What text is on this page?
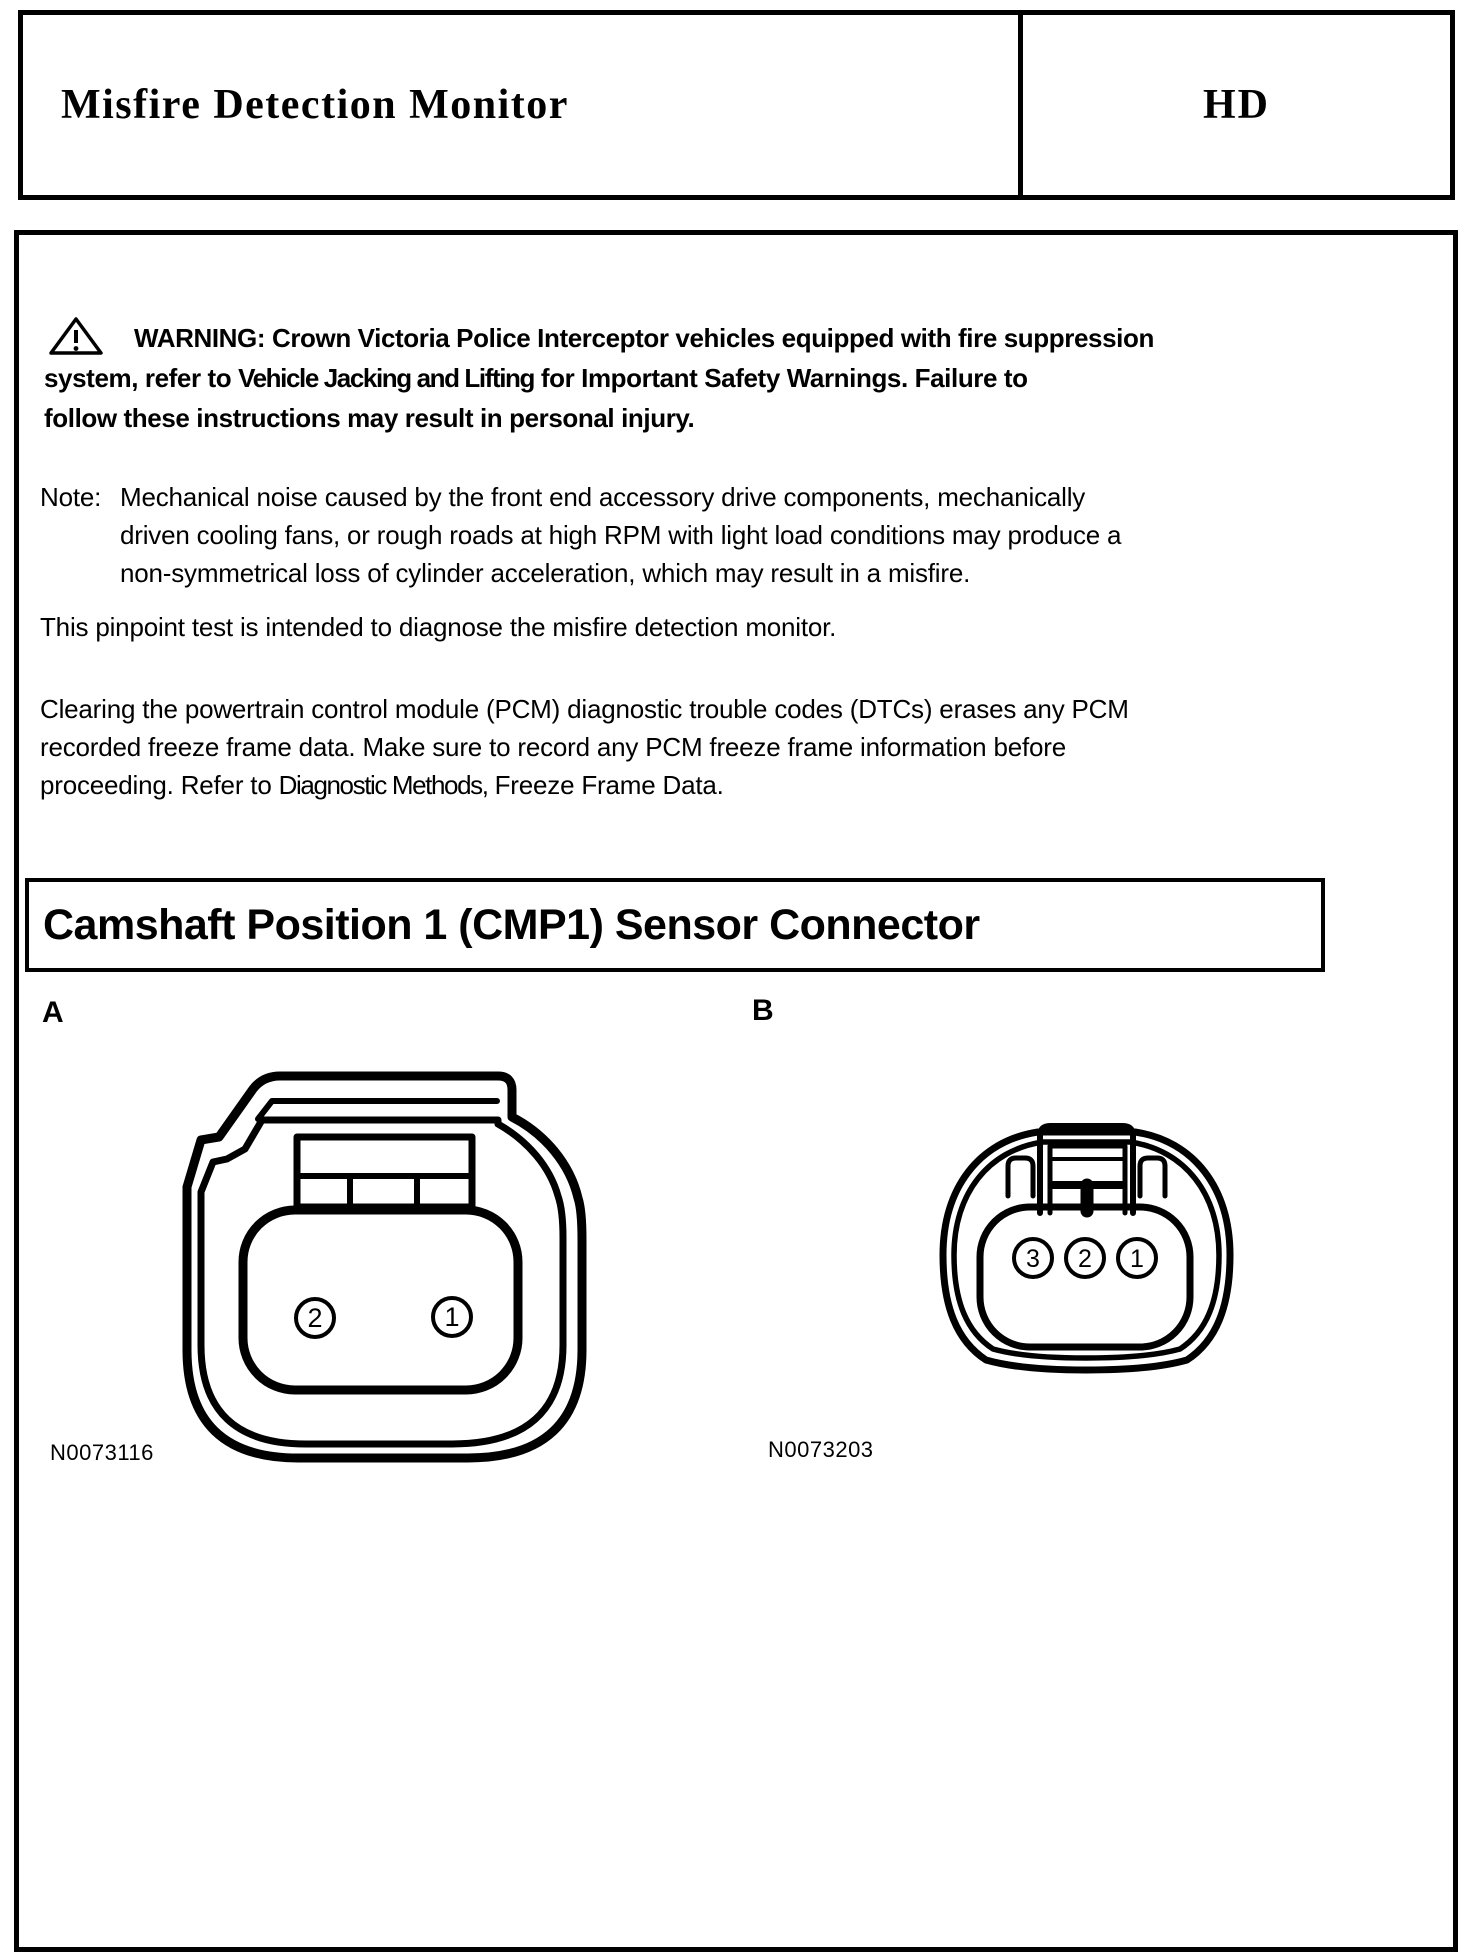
Misfire Detection Monitor	HD
WARNING: Crown Victoria Police Interceptor vehicles equipped with fire suppression
system, refer to Vehicle Jacking and Lifting for Important Safety Warnings. Failure to
follow these instructions may result in personal injury.
Note: Mechanical noise caused by the front end accessory drive components, mechanically
driven cooling fans, or rough roads at high RPM with light load conditions may produce a
non-symmetrical loss of cylinder acceleration, which may result in a misfire.
This pinpoint test is intended to diagnose the misfire detection monitor.
Clearing the powertrain control module (PCM) diagnostic trouble codes (DTCs) erases any PCM
recorded freeze frame data. Make sure to record any PCM freeze frame information before
proceeding. Refer to Diagnostic Methods, Freeze Frame Data.
Camshaft Position 1 (CMP1) Sensor Connector
A	B
2	1
3 2 1
N0073116	N0073203
